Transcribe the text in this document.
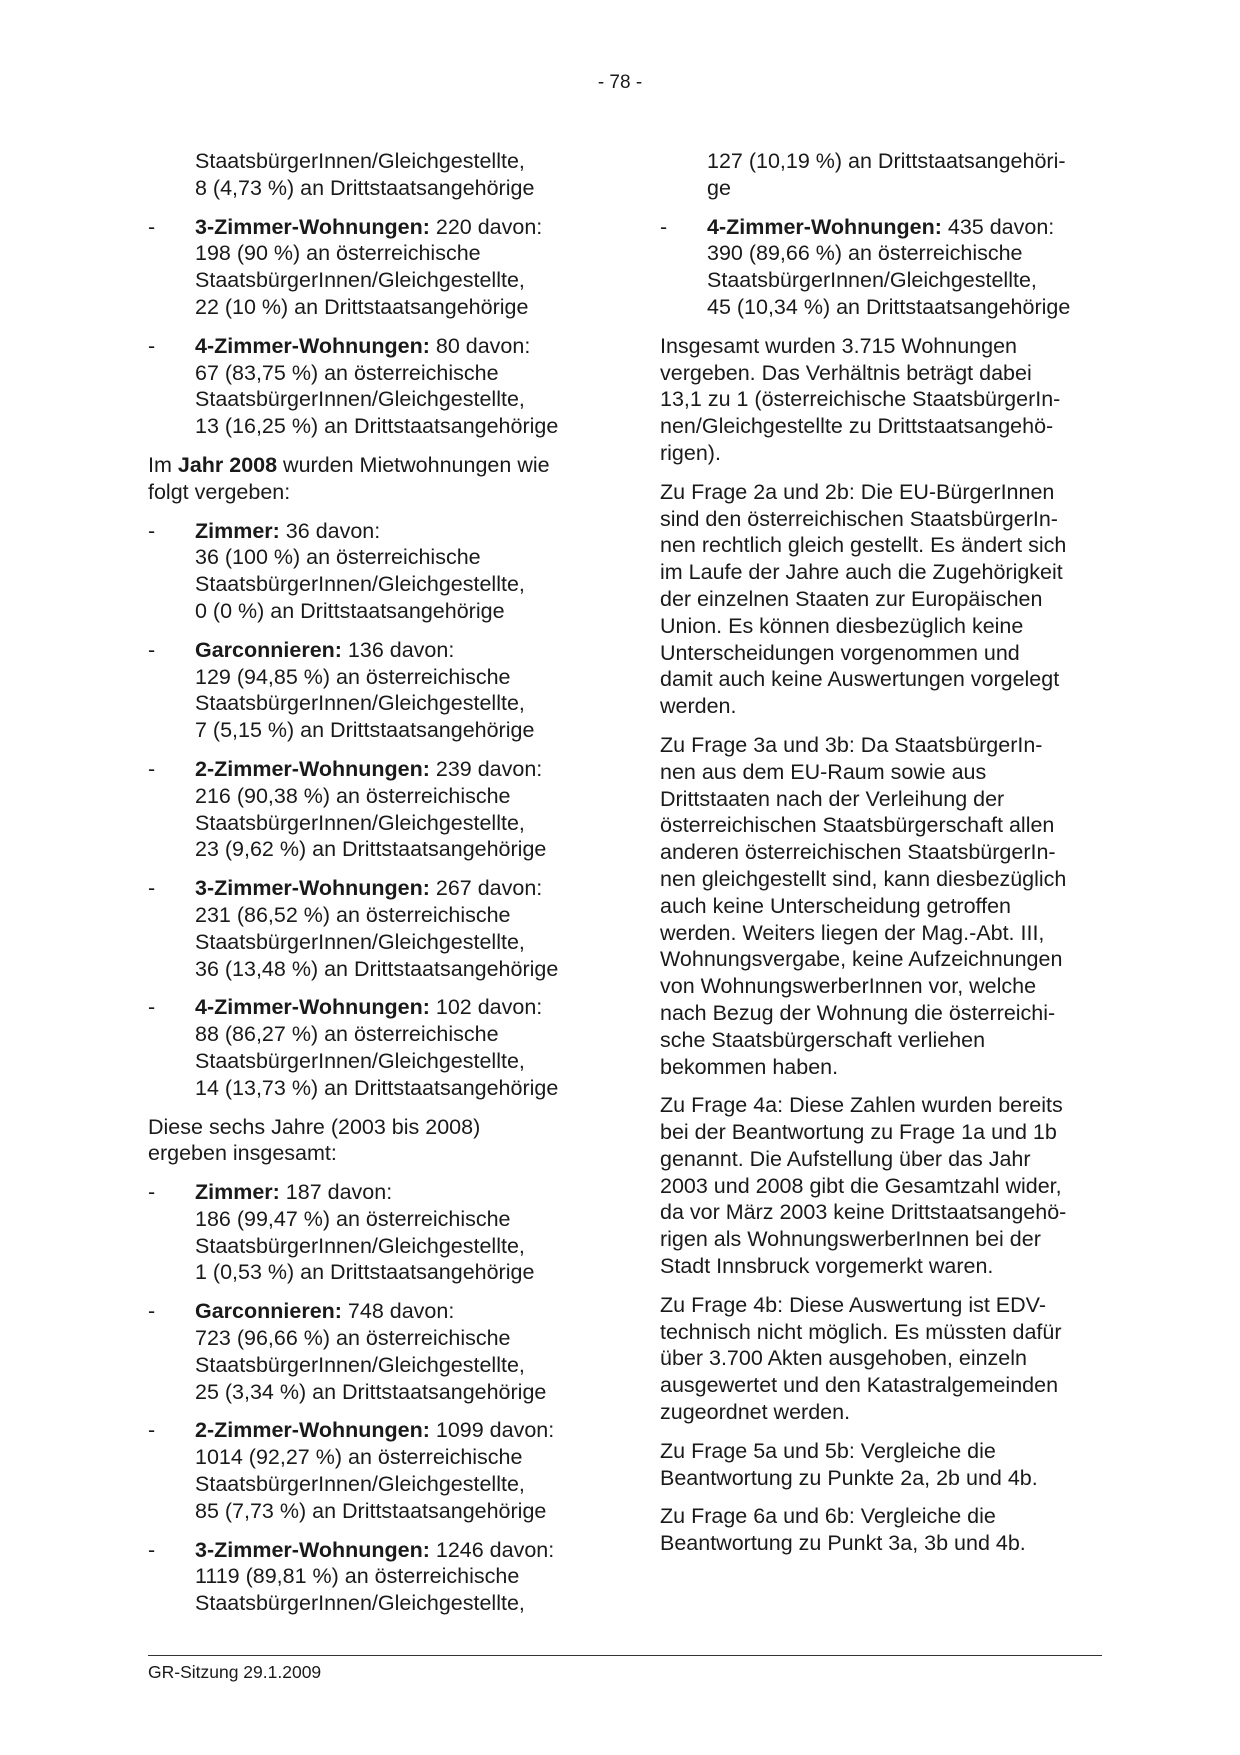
- 78 -
StaatsbürgerInnen/Gleichgestellte,
8 (4,73 %) an Drittstaatsangehörige
- 3-Zimmer-Wohnungen: 220 davon:
198 (90 %) an österreichische
StaatsbürgerInnen/Gleichgestellte,
22 (10 %) an Drittstaatsangehörige
- 4-Zimmer-Wohnungen: 80 davon:
67 (83,75 %) an österreichische
StaatsbürgerInnen/Gleichgestellte,
13 (16,25 %) an Drittstaatsangehörige
Im Jahr 2008 wurden Mietwohnungen wie
folgt vergeben:
- Zimmer: 36 davon:
36 (100 %) an österreichische
StaatsbürgerInnen/Gleichgestellte,
0 (0 %) an Drittstaatsangehörige
- Garconnieren: 136 davon:
129 (94,85 %) an österreichische
StaatsbürgerInnen/Gleichgestellte,
7 (5,15 %) an Drittstaatsangehörige
- 2-Zimmer-Wohnungen: 239 davon:
216 (90,38 %) an österreichische
StaatsbürgerInnen/Gleichgestellte,
23 (9,62 %) an Drittstaatsangehörige
- 3-Zimmer-Wohnungen: 267 davon:
231 (86,52 %) an österreichische
StaatsbürgerInnen/Gleichgestellte,
36 (13,48 %) an Drittstaatsangehörige
- 4-Zimmer-Wohnungen: 102 davon:
88 (86,27 %) an österreichische
StaatsbürgerInnen/Gleichgestellte,
14 (13,73 %) an Drittstaatsangehörige
Diese sechs Jahre (2003 bis 2008)
ergeben insgesamt:
- Zimmer: 187 davon:
186 (99,47 %) an österreichische
StaatsbürgerInnen/Gleichgestellte,
1 (0,53 %) an Drittstaatsangehörige
- Garconnieren: 748 davon:
723 (96,66 %) an österreichische
StaatsbürgerInnen/Gleichgestellte,
25 (3,34 %) an Drittstaatsangehörige
- 2-Zimmer-Wohnungen: 1099 davon:
1014 (92,27 %) an österreichische
StaatsbürgerInnen/Gleichgestellte,
85 (7,73 %) an Drittstaatsangehörige
- 3-Zimmer-Wohnungen: 1246 davon:
1119 (89,81 %) an österreichische
StaatsbürgerInnen/Gleichgestellte,
127 (10,19 %) an Drittstaatsangehöri-
ge
- 4-Zimmer-Wohnungen: 435 davon:
390 (89,66 %) an österreichische
StaatsbürgerInnen/Gleichgestellte,
45 (10,34 %) an Drittstaatsangehörige
Insgesamt wurden 3.715 Wohnungen
vergeben. Das Verhältnis beträgt dabei
13,1 zu 1 (österreichische StaatsbürgerIn-
nen/Gleichgestellte zu Drittstaatsangehö-
rigen).
Zu Frage 2a und 2b: Die EU-BürgerInnen
sind den österreichischen StaatsbürgerIn-
nen rechtlich gleich gestellt. Es ändert sich
im Laufe der Jahre auch die Zugehörigkeit
der einzelnen Staaten zur Europäischen
Union. Es können diesbezüglich keine
Unterscheidungen vorgenommen und
damit auch keine Auswertungen vorgelegt
werden.
Zu Frage 3a und 3b: Da StaatsbürgerIn-
nen aus dem EU-Raum sowie aus
Drittstaaten nach der Verleihung der
österreichischen Staatsbürgerschaft allen
anderen österreichischen StaatsbürgerIn-
nen gleichgestellt sind, kann diesbezüglich
auch keine Unterscheidung getroffen
werden. Weiters liegen der Mag.-Abt. III,
Wohnungsvergabe, keine Aufzeichnungen
von WohnungswerberInnen vor, welche
nach Bezug der Wohnung die österreichi-
sche Staatsbürgerschaft verliehen
bekommen haben.
Zu Frage 4a: Diese Zahlen wurden bereits
bei der Beantwortung zu Frage 1a und 1b
genannt. Die Aufstellung über das Jahr
2003 und 2008 gibt die Gesamtzahl wider,
da vor März 2003 keine Drittstaatsangehö-
rigen als WohnungswerberInnen bei der
Stadt Innsbruck vorgemerkt waren.
Zu Frage 4b: Diese Auswertung ist EDV-
technisch nicht möglich. Es müssten dafür
über 3.700 Akten ausgehoben, einzeln
ausgewertet und den Katastralgemeinden
zugeordnet werden.
Zu Frage 5a und 5b: Vergleiche die
Beantwortung zu Punkte 2a, 2b und 4b.
Zu Frage 6a und 6b: Vergleiche die
Beantwortung zu Punkt 3a, 3b und 4b.
GR-Sitzung 29.1.2009
